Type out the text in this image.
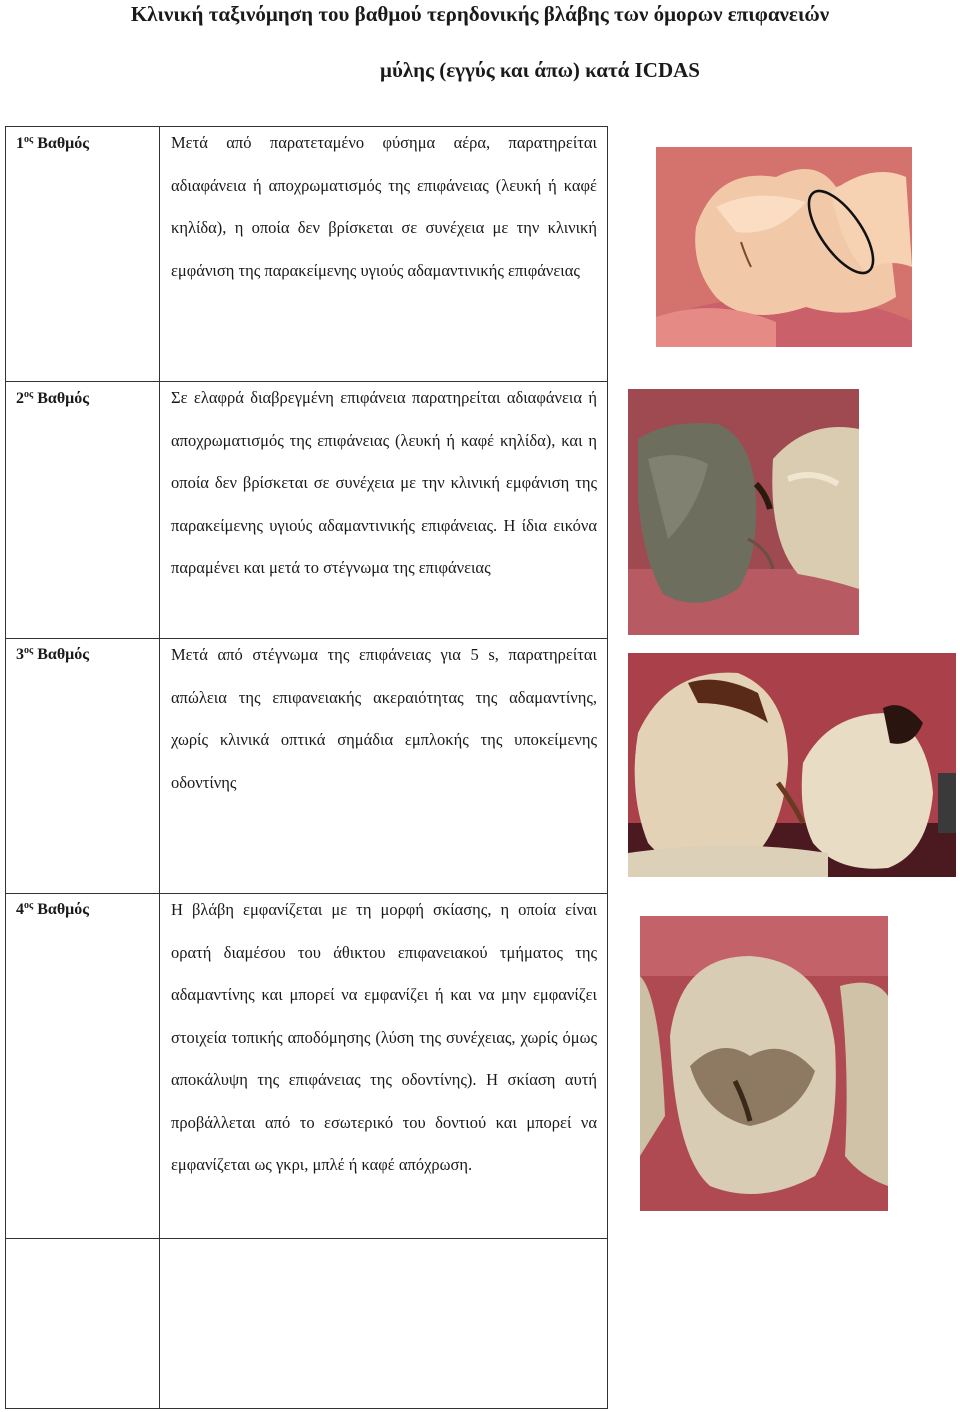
Κλινική ταξινόμηση του βαθμού τερηδονικής βλάβης των όμορων επιφανειών
μύλης (εγγύς και άπω) κατά ICDAS
$1^{o\varsigma}$ Βαθμός	Μετά από παρατεταμένο φύσημα αέρα, παρατηρείται αδιαφάνεια ή αποχρωματισμός της επιφάνειας (λευκή ή καφέ κηλίδα), η οποία δεν βρίσκεται σε συνέχεια με την κλινική εμφάνιση της παρακείμενης υγιούς αδαμαντινικής επιφάνειας
$2^{o\varsigma}$ Βαθμός	Σε ελαφρά διαβρεγμένη επιφάνεια παρατηρείται αδιαφάνεια ή αποχρωματισμός της επιφάνειας (λευκή ή καφέ κηλίδα), και η οποία δεν βρίσκεται σε συνέχεια με την κλινική εμφάνιση της παρακείμενης υγιούς αδαμαντινικής επιφάνειας. Η ίδια εικόνα παραμένει και μετά το στέγνωμα της επιφάνειας
$3^{o\varsigma}$ Βαθμός	Μετά από στέγνωμα της επιφάνειας για 5 s, παρατηρείται απώλεια της επιφανειακής ακεραιότητας της αδαμαντίνης, χωρίς κλινικά οπτικά σημάδια εμπλοκής της υποκείμενης οδοντίνης
$4^{o\varsigma}$ Βαθμός	Η βλάβη εμφανίζεται με τη μορφή σκίασης, η οποία είναι ορατή διαμέσου του άθικτου επιφανειακού τμήματος της αδαμαντίνης και μπορεί να εμφανίζει ή και να μην εμφανίζει στοιχεία τοπικής αποδόμησης (λύση της συνέχειας, χωρίς όμως αποκάλυψη της επιφάνειας της οδοντίνης). Η σκίαση αυτή προβάλλεται από το εσωτερικό του δοντιού και μπορεί να εμφανίζεται ως γκρι, μπλέ ή καφέ απόχρωση.
